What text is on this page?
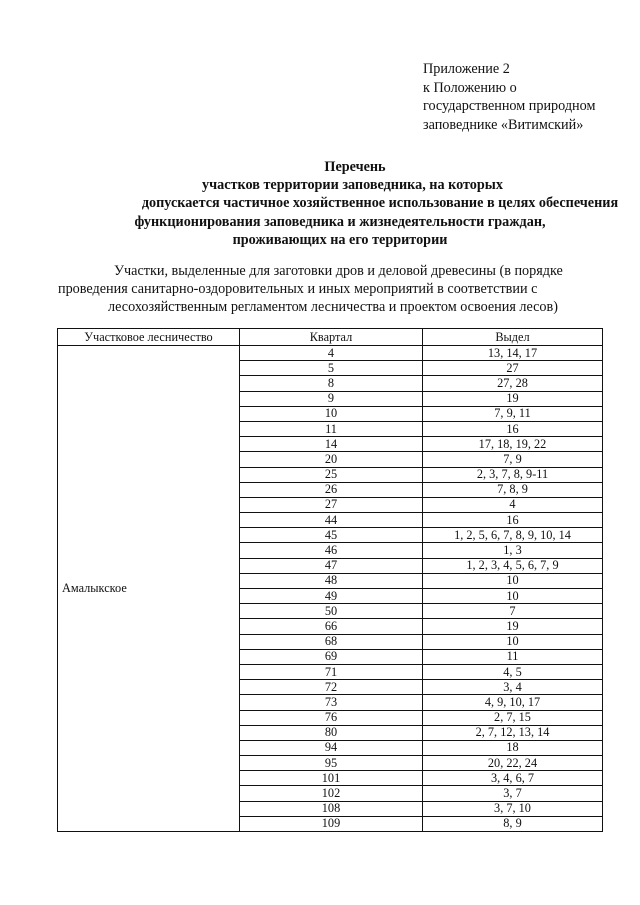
Приложение 2
к Положению о
государственном природном
заповеднике «Витимский»
Перечень
участков территории заповедника, на которых
допускается частичное хозяйственное использование в целях обеспечения
функционирования заповедника и жизнедеятельности граждан,
проживающих на его территории
Участки, выделенные для заготовки дров и деловой древесины (в порядке
проведения санитарно-оздоровительных и иных мероприятий в соответствии с
лесохозяйственным регламентом лесничества и проектом освоения лесов)
Участковое лесничество	Квартал	Выдел
Амалыкское	4	13, 14, 17
	5	27
	8	27, 28
	9	19
	10	7, 9, 11
	11	16
	14	17, 18, 19, 22
	20	7, 9
	25	2, 3, 7, 8, 9-11
	26	7, 8, 9
	27	4
	44	16
	45	1, 2, 5, 6, 7, 8, 9, 10, 14
	46	1, 3
	47	1, 2, 3, 4, 5, 6, 7, 9
	48	10
	49	10
	50	7
	66	19
	68	10
	69	11
	71	4, 5
	72	3, 4
	73	4, 9, 10, 17
	76	2, 7, 15
	80	2, 7, 12, 13, 14
	94	18
	95	20, 22, 24
	101	3, 4, 6, 7
	102	3, 7
	108	3, 7, 10
	109	8, 9
